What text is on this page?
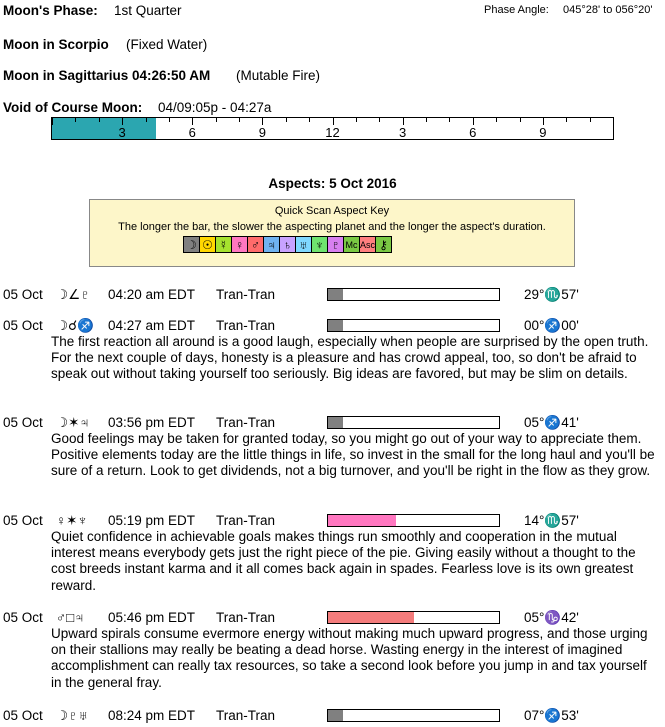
Moon's Phase: 1st Quarter	Phase Angle: 045°28' to 056°20'
Moon in Scorpio (Fixed Water)
Moon in Sagittarius 04:26:50 AM (Mutable Fire)
Void of Course Moon: 04/09:05p - 04:27a
3	6	9	12	3	6	9
Aspects: 5 Oct 2016
Quick Scan Aspect Key
The longer the bar, the slower the aspecting planet and the longer the aspect's duration.
☽ ☉ ☿ ♀ ♂ ♃ ♄ ♅ ♆ ♇ Mc Asc ⚷
05 Oct ☽∠♇ 04:20 am EDT Tran-Tran	29°♏57'
05 Oct ☽☌♐ 04:27 am EDT Tran-Tran	00°♐00'
The first reaction all around is a good laugh, especially when people are surprised by the open truth. For the next couple of days, honesty is a pleasure and has crowd appeal, too, so don't be afraid to speak out without taking yourself too seriously. Big ideas are favored, but may be slim on details.
05 Oct ☽✶♃ 03:56 pm EDT Tran-Tran	05°♐41'
Good feelings may be taken for granted today, so you might go out of your way to appreciate them. Positive elements today are the little things in life, so invest in the small for the long haul and you'll be sure of a return. Look to get dividends, not a big turnover, and you'll be right in the flow as they grow.
05 Oct ♀✶♆ 05:19 pm EDT Tran-Tran	14°♏57'
Quiet confidence in achievable goals makes things run smoothly and cooperation in the mutual interest means everybody gets just the right piece of the pie. Giving easily without a thought to the cost breeds instant karma and it all comes back again in spades. Fearless love is its own greatest reward.
05 Oct ♂□♃ 05:46 pm EDT Tran-Tran	05°♑42'
Upward spirals consume evermore energy without making much upward progress, and those urging on their stallions may really be beating a dead horse. Wasting energy in the interest of imagined accomplishment can really tax resources, so take a second look before you jump in and tax yourself in the general fray.
05 Oct ☽♇♅ 08:24 pm EDT Tran-Tran	07°♐53'
